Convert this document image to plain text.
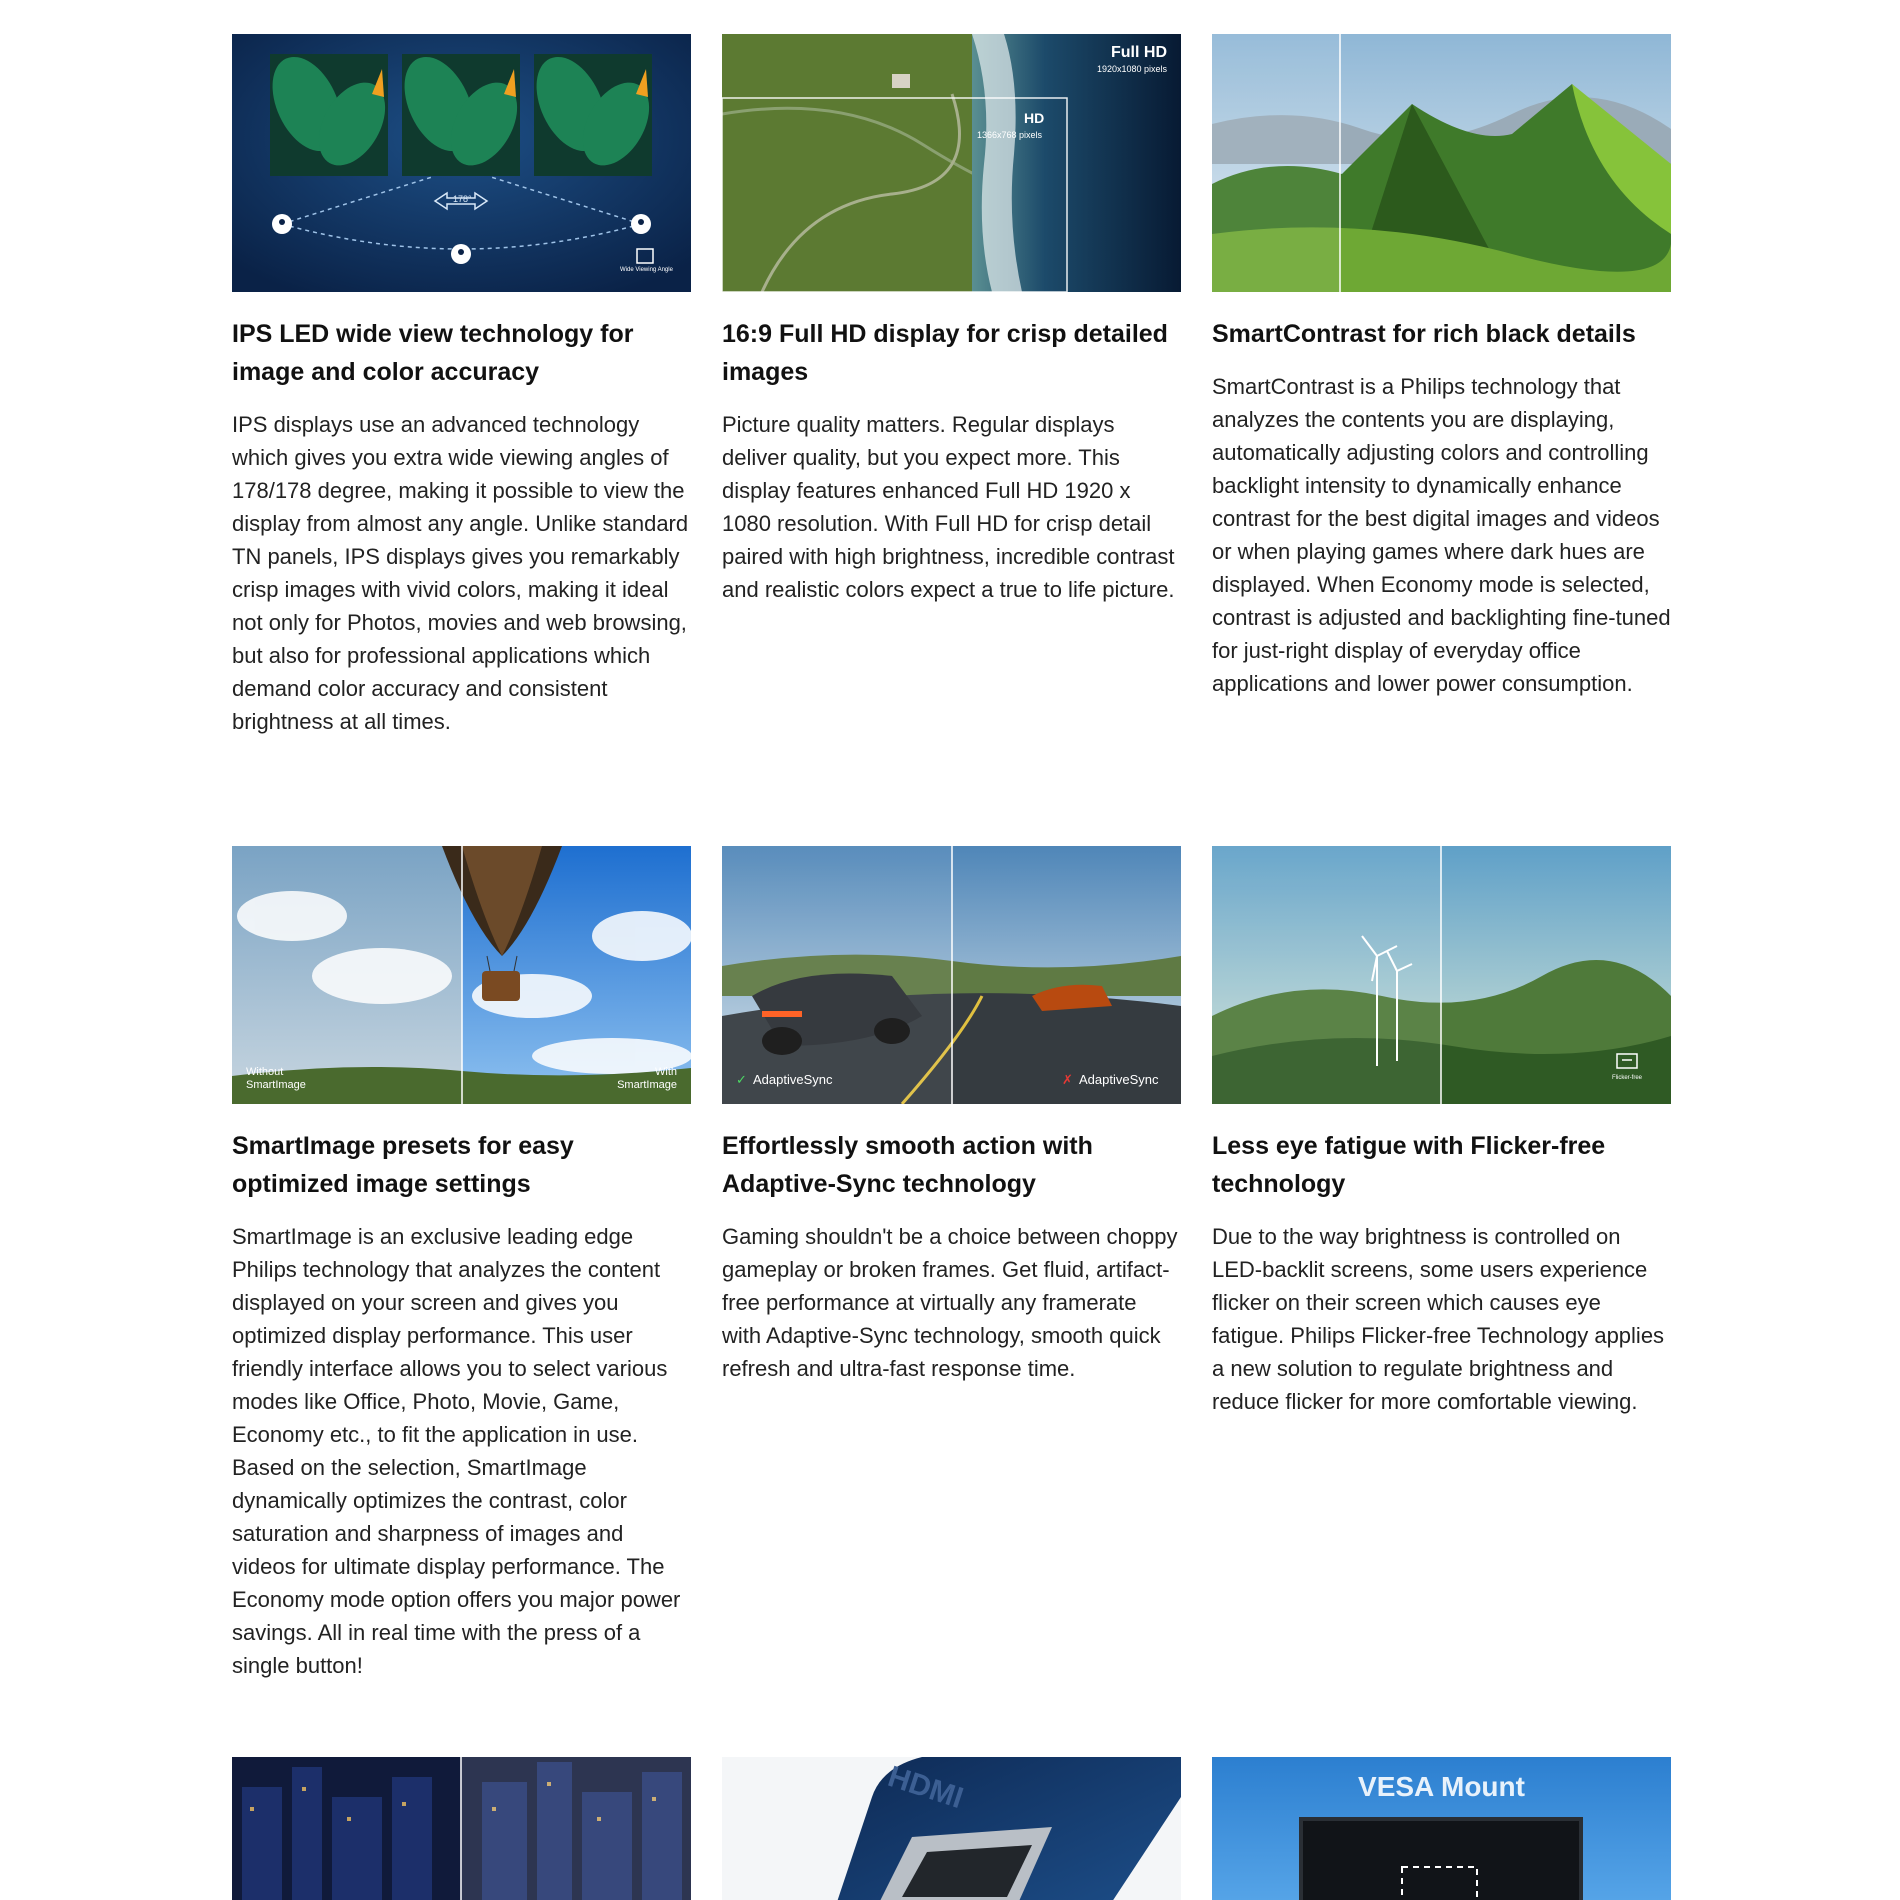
178°
Wide Viewing Angle
IPS LED wide view technology for image and color accuracy
IPS displays use an advanced technology which gives you extra wide viewing angles of 178/178 degree, making it possible to view the display from almost any angle. Unlike standard TN panels, IPS displays gives you remarkably crisp images with vivid colors, making it ideal not only for Photos, movies and web browsing, but also for professional applications which demand color accuracy and consistent brightness at all times.
Full HD
1920x1080 pixels
HD
1366x768 pixels
16:9 Full HD display for crisp detailed images
Picture quality matters. Regular displays deliver quality, but you expect more. This display features enhanced Full HD 1920 x 1080 resolution. With Full HD for crisp detail paired with high brightness, incredible contrast and realistic colors expect a true to life picture.
SmartContrast for rich black details
SmartContrast is a Philips technology that analyzes the contents you are displaying, automatically adjusting colors and controlling backlight intensity to dynamically enhance contrast for the best digital images and videos or when playing games where dark hues are displayed. When Economy mode is selected, contrast is adjusted and backlighting fine-tuned for just-right display of everyday office applications and lower power consumption.
Without
SmartImage
With
SmartImage
SmartImage presets for easy optimized image settings
SmartImage is an exclusive leading edge Philips technology that analyzes the content displayed on your screen and gives you optimized display performance. This user friendly interface allows you to select various modes like Office, Photo, Movie, Game, Economy etc., to fit the application in use. Based on the selection, SmartImage dynamically optimizes the contrast, color saturation and sharpness of images and videos for ultimate display performance. The Economy mode option offers you major power savings. All in real time with the press of a single button!
✓ AdaptiveSync	✗ AdaptiveSync
Effortlessly smooth action with Adaptive-Sync technology
Gaming shouldn't be a choice between choppy gameplay or broken frames. Get fluid, artifact-free performance at virtually any framerate with Adaptive-Sync technology, smooth quick refresh and ultra-fast response time.
Flicker-free
Less eye fatigue with Flicker-free technology
Due to the way brightness is controlled on LED-backlit screens, some users experience flicker on their screen which causes eye fatigue. Philips Flicker-free Technology applies a new solution to regulate brightness and reduce flicker for more comfortable viewing.
HDMI	VESA Mount
